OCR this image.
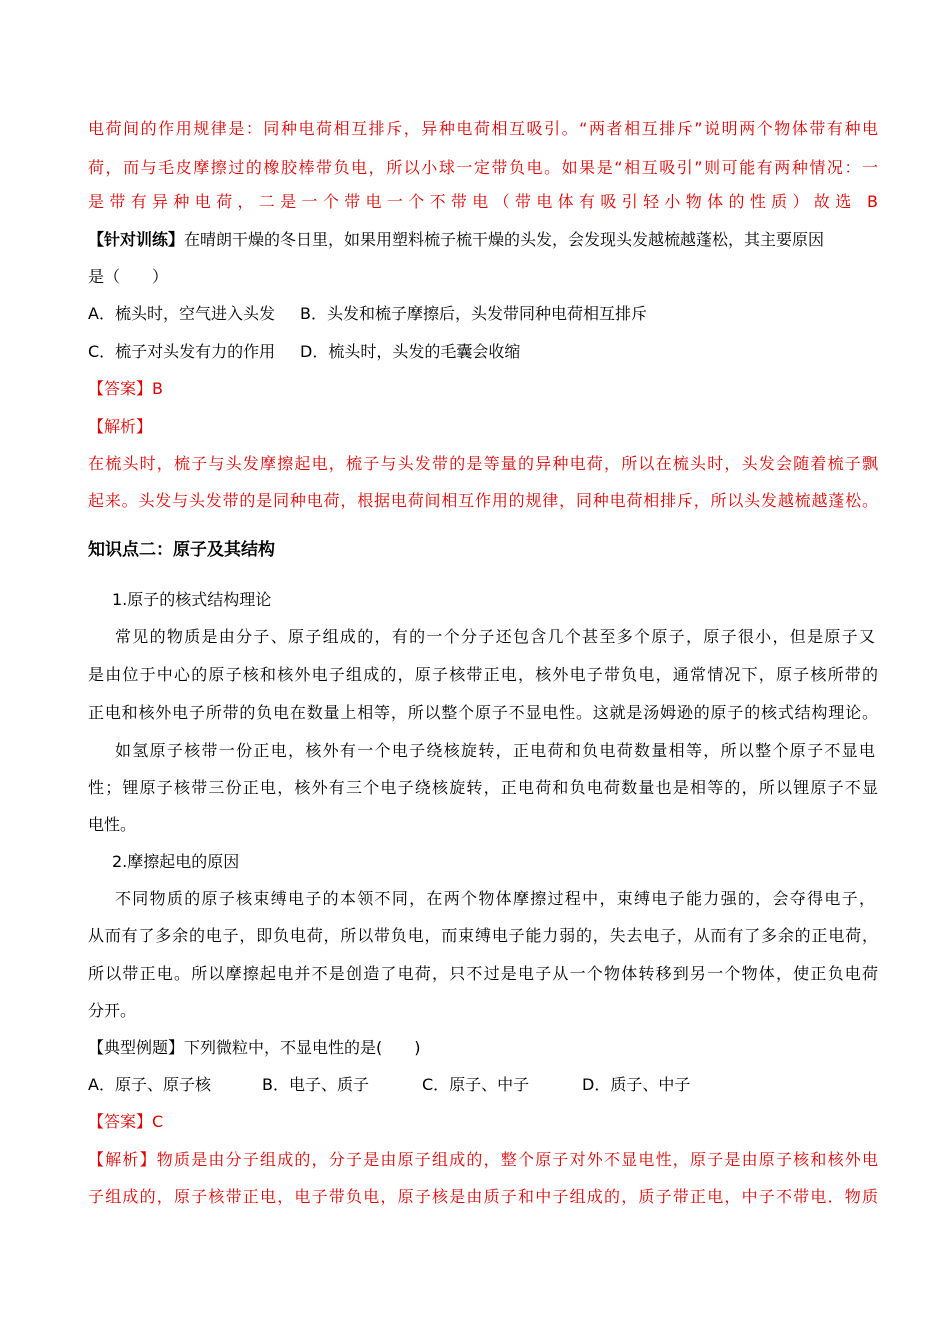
电荷间的作用规律是：同种电荷相互排斥，异种电荷相互吸引。“两者相互排斥”说明两个物体带有种电
荷，而与毛皮摩擦过的橡胶棒带负电，所以小球一定带负电。如果是“相互吸引”则可能有两种情况：一
是带有异种电荷，二是一个带电一个不带电（带电体有吸引轻小物体的性质）故选 B
【针对训练】在晴朗干燥的冬日里，如果用塑料梳子梳干燥的头发，会发现头发越梳越蓬松，其主要原因
是（　　）
A．梳头时，空气进入头发	B．头发和梳子摩擦后，头发带同种电荷相互排斥
C．梳子对头发有力的作用	D．梳头时，头发的毛囊会收缩
【答案】B
【解析】
在梳头时，梳子与头发摩擦起电，梳子与头发带的是等量的异种电荷，所以在梳头时，头发会随着梳子飘
起来。头发与头发带的是同种电荷，根据电荷间相互作用的规律，同种电荷相排斥，所以头发越梳越蓬松。
知识点二：原子及其结构
1.原子的核式结构理论
常见的物质是由分子、原子组成的，有的一个分子还包含几个甚至多个原子，原子很小，但是原子又
是由位于中心的原子核和核外电子组成的，原子核带正电，核外电子带负电，通常情况下，原子核所带的
正电和核外电子所带的负电在数量上相等，所以整个原子不显电性。这就是汤姆逊的原子的核式结构理论。
如氢原子核带一份正电，核外有一个电子绕核旋转，正电荷和负电荷数量相等，所以整个原子不显电
性；锂原子核带三份正电，核外有三个电子绕核旋转，正电荷和负电荷数量也是相等的，所以锂原子不显
电性。
2.摩擦起电的原因
不同物质的原子核束缚电子的本领不同，在两个物体摩擦过程中，束缚电子能力强的，会夺得电子，
从而有了多余的电子，即负电荷，所以带负电，而束缚电子能力弱的，失去电子，从而有了多余的正电荷，
所以带正电。所以摩擦起电并不是创造了电荷，只不过是电子从一个物体转移到另一个物体，使正负电荷
分开。
【典型例题】下列微粒中，不显电性的是(　　)
A．原子、原子核	B．电子、质子	C．原子、中子	D．质子、中子
【答案】C
【解析】物质是由分子组成的，分子是由原子组成的，整个原子对外不显电性，原子是由原子核和核外电
子组成的，原子核带正电，电子带负电，原子核是由质子和中子组成的，质子带正电，中子不带电．物质
